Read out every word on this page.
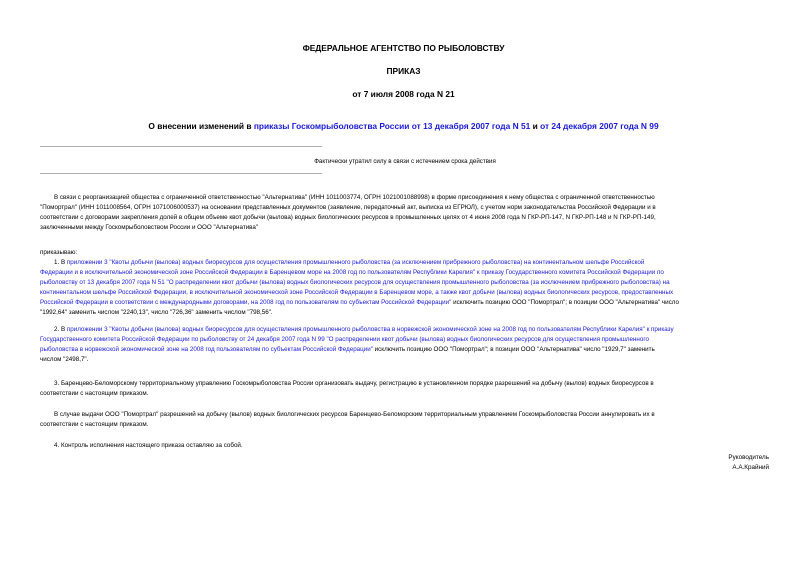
ФЕДЕРАЛЬНОЕ АГЕНТСТВО ПО РЫБОЛОВСТВУ
ПРИКАЗ
от 7 июля 2008 года N 21
О внесении изменений в приказы Госкомрыболовства России от 13 декабря 2007 года N 51 и от 24 декабря 2007 года N 99
Фактически утратил силу в связи с истечением срока действия
В связи с реорганизацией общества с ограниченной ответственностью "Альтернатива" (ИНН 1011003774, ОГРН 1021001088998) в форме присоединения к нему общества с ограниченной ответственностью
"Помортрал" (ИНН 1011008564, ОГРН 1071006000537) на основании представленных документов (заявление, передаточный акт, выписка из ЕГРЮЛ), с учетом норм законодательства Российской Федерации и в
соответствии с договорами закрепления долей в общем объеме квот добычи (вылова) водных биологических ресурсов в промышленных целях от 4 июня 2008 года N ГКР-РП-147, N ГКР-РП-148 и N ГКР-РП-149,
заключенными между Госкомрыболовством России и ООО "Альтернатива"
приказываю:
1. В приложении 3 "Квоты добычи (вылова) водных биоресурсов для осуществления промышленного рыболовства (за исключением прибрежного рыболовства) на континентальном шельфе Российской
Федерации и в исключительной экономической зоне Российской Федерации в Баренцевом море на 2008 год по пользователям Республики Карелия" к приказу Государственного комитета Российской Федерации по
рыболовству от 13 декабря 2007 года N 51 "О распределении квот добычи (вылова) водных биологических ресурсов для осуществления промышленного рыболовства (за исключением прибрежного рыболовства) на
континентальном шельфе Российской Федерации, в исключительной экономической зоне Российской Федерации в Баренцевом море, а также квот добычи (вылова) водных биологических ресурсов, предоставленных
Российской Федерации в соответствии с международными договорами, на 2008 год по пользователям по субъектам Российской Федерации" исключить позицию ООО "Помортрал"; в позиции ООО "Альтернатива" число
"1992,64" заменить числом "2240,13", число "726,36" заменить числом "798,56".
2. В приложении 3 "Квоты добычи (вылова) водных биоресурсов для осуществления промышленного рыболовства в норвежской экономической зоне на 2008 год по пользователям Республики Карелия" к приказу
Государственного комитета Российской Федерации по рыболовству от 24 декабря 2007 года N 99 "О распределении квот добычи (вылова) водных биологических ресурсов для осуществления промышленного
рыболовства в норвежской экономической зоне на 2008 год пользователям по субъектам Российской Федерации" исключить позицию ООО "Помортрал"; в позиции ООО "Альтернатива" число "1929,7" заменить
числом "2498,7".
3. Баренцево-Беломорскому территориальному управлению Госкомрыболовства России организовать выдачу, регистрацию в установленном порядке разрешений на добычу (вылов) водных биоресурсов в
соответствии с настоящим приказом.
В случае выдачи ООО "Помортрал" разрешений на добычу (вылов) водных биологических ресурсов Баренцево-Беломорским территориальным управлением Госкомрыболовства России аннулировать их в
соответствии с настоящим приказом.
4. Контроль исполнения настоящего приказа оставляю за собой.
Руководитель
А.А.Крайний
